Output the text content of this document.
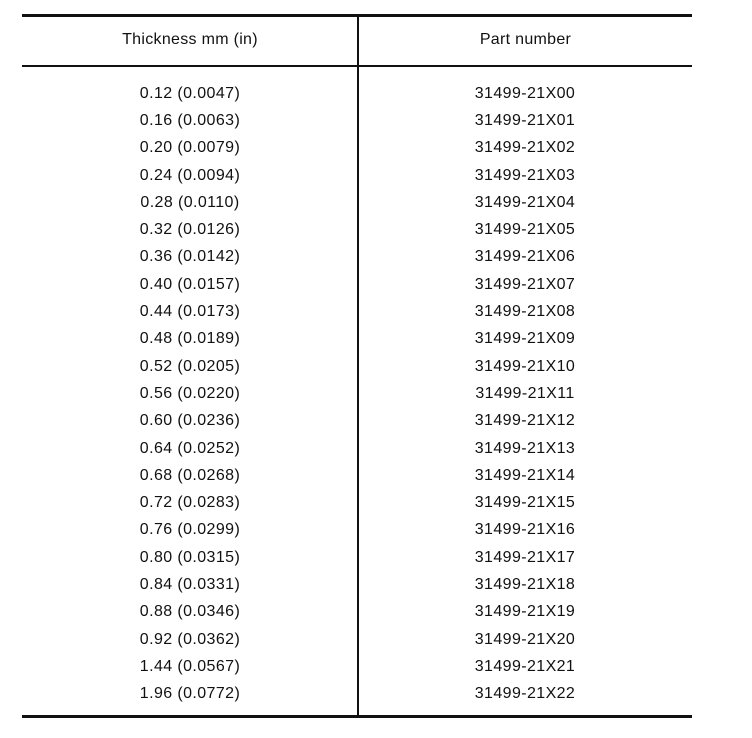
Thickness mm (in)	Part number
0.12 (0.0047)	31499-21X00
0.16 (0.0063)	31499-21X01
0.20 (0.0079)	31499-21X02
0.24 (0.0094)	31499-21X03
0.28 (0.0110)	31499-21X04
0.32 (0.0126)	31499-21X05
0.36 (0.0142)	31499-21X06
0.40 (0.0157)	31499-21X07
0.44 (0.0173)	31499-21X08
0.48 (0.0189)	31499-21X09
0.52 (0.0205)	31499-21X10
0.56 (0.0220)	31499-21X11
0.60 (0.0236)	31499-21X12
0.64 (0.0252)	31499-21X13
0.68 (0.0268)	31499-21X14
0.72 (0.0283)	31499-21X15
0.76 (0.0299)	31499-21X16
0.80 (0.0315)	31499-21X17
0.84 (0.0331)	31499-21X18
0.88 (0.0346)	31499-21X19
0.92 (0.0362)	31499-21X20
1.44 (0.0567)	31499-21X21
1.96 (0.0772)	31499-21X22
